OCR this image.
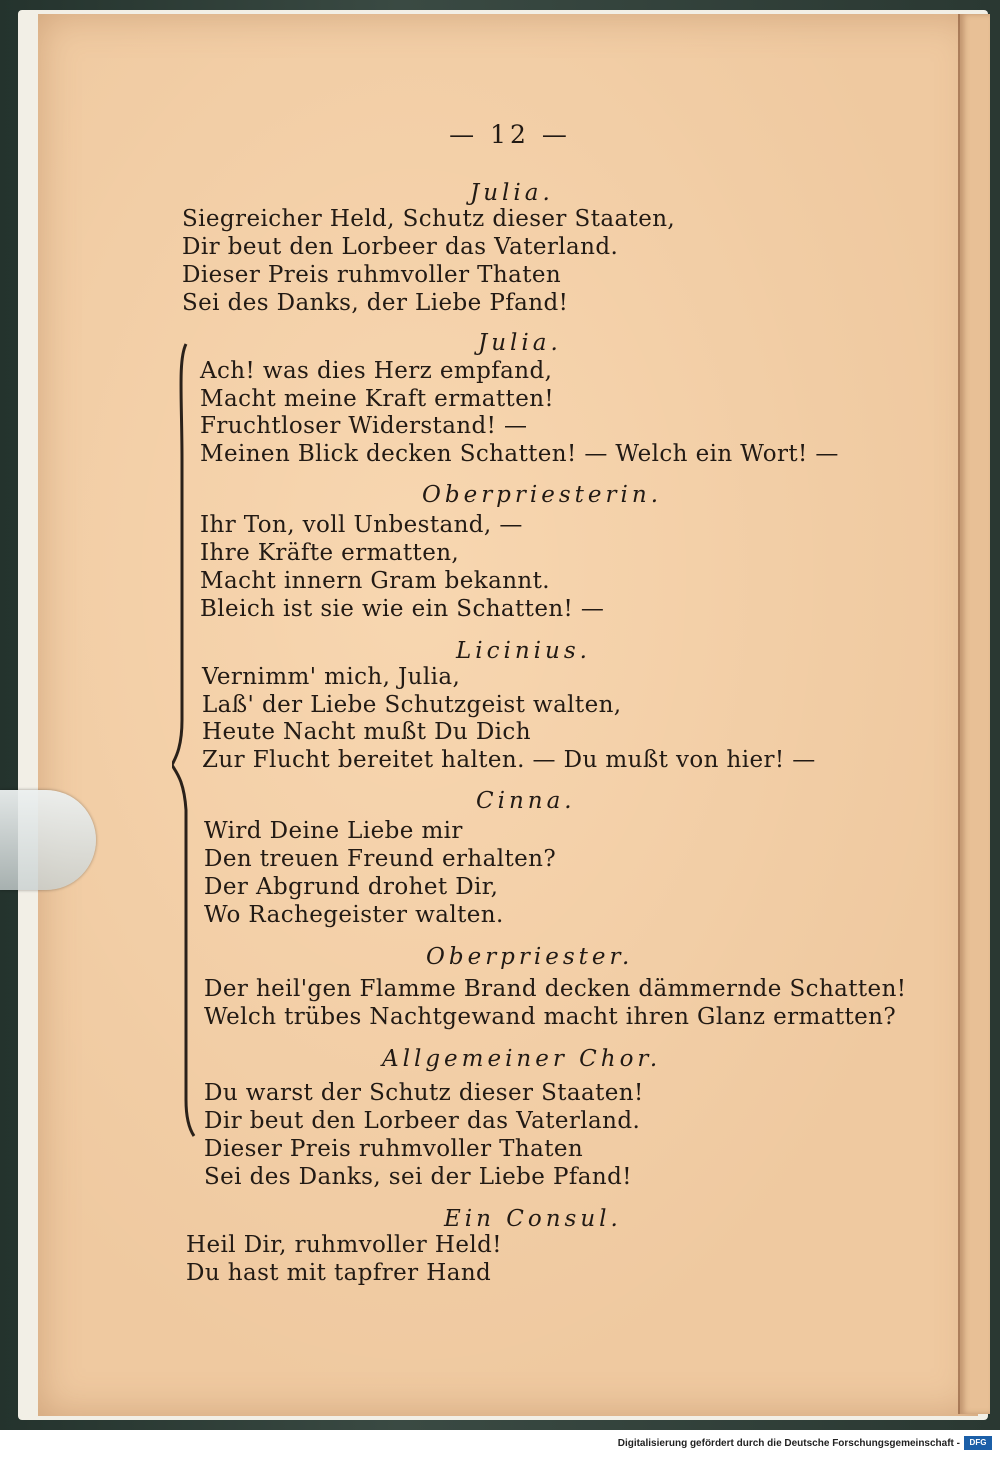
— 12 —
Julia.
Siegreicher Held, Schutz dieser Staaten,
Dir beut den Lorbeer das Vaterland.
Dieser Preis ruhmvoller Thaten
Sei des Danks, der Liebe Pfand!
Julia.
Ach! was dies Herz empfand,
Macht meine Kraft ermatten!
Fruchtloser Widerstand! —
Meinen Blick decken Schatten! — Welch ein Wort! —
Oberpriesterin.
Ihr Ton, voll Unbestand, —
Ihre Kräfte ermatten,
Macht innern Gram bekannt.
Bleich ist sie wie ein Schatten! —
Licinius.
Vernimm' mich, Julia,
Laß' der Liebe Schutzgeist walten,
Heute Nacht mußt Du Dich
Zur Flucht bereitet halten. — Du mußt von hier! —
Cinna.
Wird Deine Liebe mir
Den treuen Freund erhalten?
Der Abgrund drohet Dir,
Wo Rachegeister walten.
Oberpriester.
Der heil'gen Flamme Brand decken dämmernde Schatten!
Welch trübes Nachtgewand macht ihren Glanz ermatten?
Allgemeiner Chor.
Du warst der Schutz dieser Staaten!
Dir beut den Lorbeer das Vaterland.
Dieser Preis ruhmvoller Thaten
Sei des Danks, sei der Liebe Pfand!
Ein Consul.
Heil Dir, ruhmvoller Held!
Du hast mit tapfrer Hand
Digitalisierung gefördert durch die Deutsche Forschungsgemeinschaft -	DFG
